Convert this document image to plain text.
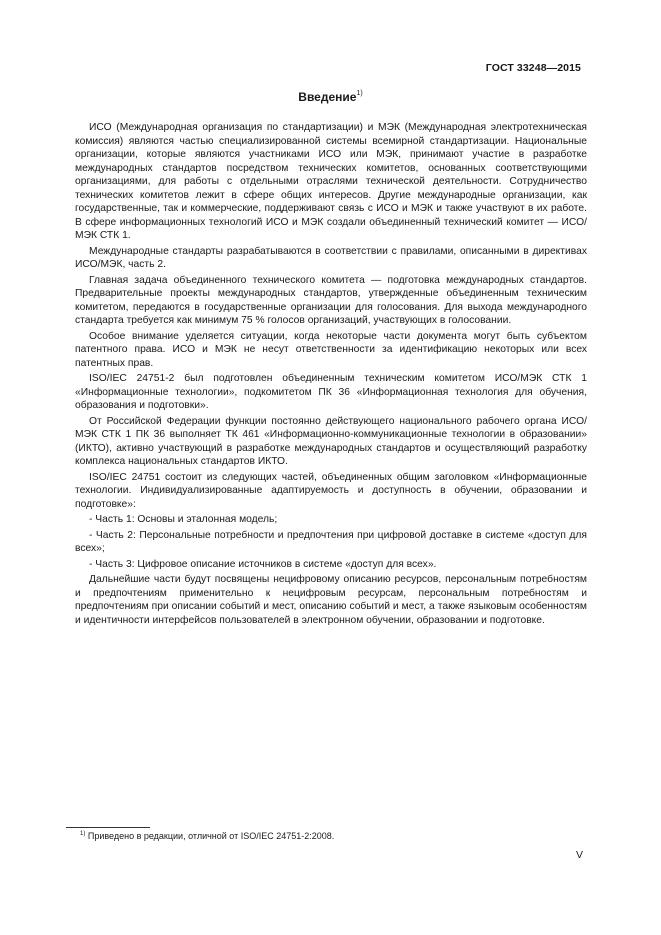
ГОСТ 33248—2015
Введение$^{1)}$

ИСО (Международная организация по стандартизации) и МЭК (Международная электротехническая комиссия) являются частью специализированной системы всемирной стандартизации. Национальные организации, которые являются участниками ИСО или МЭК, принимают участие в разработке международных стандартов посредством технических комитетов, основанных соответствующими организациями, для работы с отдельными отраслями технической деятельности. Сотрудничество технических комитетов лежит в сфере общих интересов. Другие международные организации, как государственные, так и коммерческие, поддерживают связь с ИСО и МЭК и также участвуют в их работе. В сфере информационных технологий ИСО и МЭК создали объединенный технический комитет — ИСО/МЭК СТК 1.

Международные стандарты разрабатываются в соответствии с правилами, описанными в директивах ИСО/МЭК, часть 2.

Главная задача объединенного технического комитета — подготовка международных стандартов. Предварительные проекты международных стандартов, утвержденные объединенным техническим комитетом, передаются в государственные организации для голосования. Для выхода международного стандарта требуется как минимум 75 % голосов организаций, участвующих в голосовании.

Особое внимание уделяется ситуации, когда некоторые части документа могут быть субъектом патентного права. ИСО и МЭК не несут ответственности за идентификацию некоторых или всех патентных прав.

ISO/IEC 24751-2 был подготовлен объединенным техническим комитетом ИСО/МЭК СТК 1 «Информационные технологии», подкомитетом ПК 36 «Информационная технология для обучения, образования и подготовки».

От Российской Федерации функции постоянно действующего национального рабочего органа ИСО/МЭК СТК 1 ПК 36 выполняет ТК 461 «Информационно-коммуникационные технологии в образовании» (ИКТО), активно участвующий в разработке международных стандартов и осуществляющий разработку комплекса национальных стандартов ИКТО.

ISO/IEC 24751 состоит из следующих частей, объединенных общим заголовком «Информационные технологии. Индивидуализированные адаптируемость и доступность в обучении, образовании и подготовке»:

- Часть 1: Основы и эталонная модель;

- Часть 2: Персональные потребности и предпочтения при цифровой доставке в системе «доступ для всех»;

- Часть 3: Цифровое описание источников в системе «доступ для всех».

Дальнейшие части будут посвящены нецифровому описанию ресурсов, персональным потребностям и предпочтениям применительно к нецифровым ресурсам, персональным потребностям и предпочтениям при описании событий и мест, описанию событий и мест, а также языковым особенностям и идентичности интерфейсов пользователей в электронном обучении, образовании и подготовке.

$^{1)}$ Приведено в редакции, отличной от ISO/IEC 24751-2:2008.
V
